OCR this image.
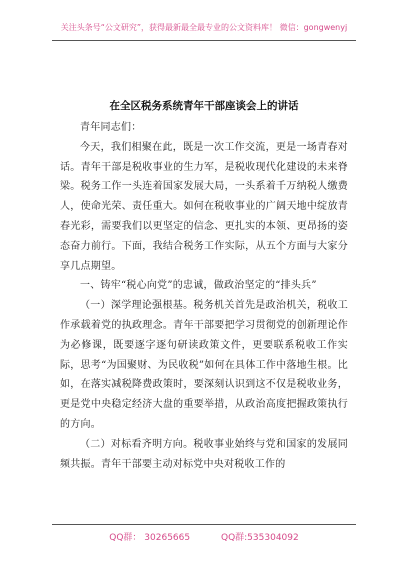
关注头条号“公文研究”，获得最新最全最专业的公文资料库！ 微信：gongwenyj
在全区税务系统青年干部座谈会上的讲话

青年同志们：

今天，我们相聚在此，既是一次工作交流，更是一场青春对话。青年干部是税收事业的生力军，是税收现代化建设的未来脊梁。税务工作一头连着国家发展大局，一头系着千万纳税人缴费人，使命光荣、责任重大。如何在税收事业的广阔天地中绽放青春光彩，需要我们以更坚定的信念、更扎实的本领、更昂扬的姿态奋力前行。下面，我结合税务工作实际，从五个方面与大家分享几点期望。

一、铸牢“税心向党”的忠诚，做政治坚定的“排头兵”

（一）深学理论强根基。税务机关首先是政治机关，税收工作承载着党的执政理念。青年干部要把学习贯彻党的创新理论作为必修课，既要逐字逐句研读政策文件，更要联系税收工作实际，思考“为国聚财、为民收税”如何在具体工作中落地生根。比如，在落实减税降费政策时，要深刻认识到这不仅是税收业务，更是党中央稳定经济大盘的重要举措，从政治高度把握政策执行的方向。

（二）对标看齐明方向。税收事业始终与党和国家的发展同频共振。青年干部要主动对标党中央对税收工作的

QQ群： 30265665	QQ群:535304092
